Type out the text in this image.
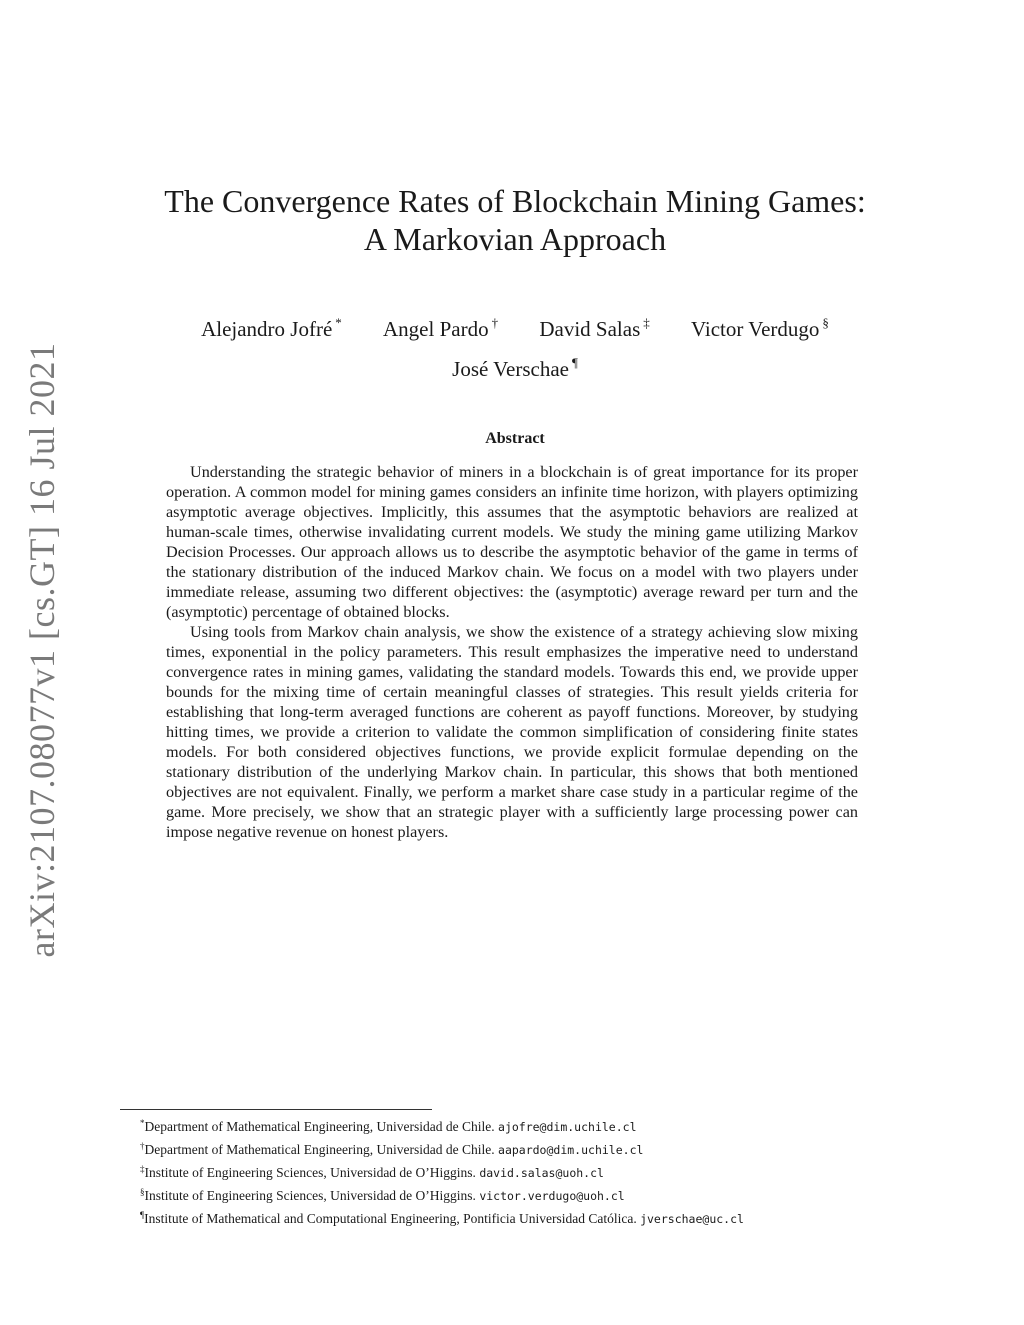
arXiv:2107.08077v1 [cs.GT] 16 Jul 2021
The Convergence Rates of Blockchain Mining Games:
A Markovian Approach
Alejandro Jofré * Angel Pardo † David Salas ‡ Victor Verdugo §
José Verschae ¶
Abstract

Understanding the strategic behavior of miners in a blockchain is of great importance for its proper operation. A common model for mining games considers an infinite time horizon, with players optimizing asymptotic average objectives. Implicitly, this assumes that the asymptotic behaviors are realized at human-scale times, otherwise invalidating current models. We study the mining game utilizing Markov Decision Processes. Our approach allows us to describe the asymptotic behavior of the game in terms of the stationary distribution of the induced Markov chain. We focus on a model with two players under immediate release, assuming two different objectives: the (asymptotic) average reward per turn and the (asymptotic) percentage of obtained blocks.

Using tools from Markov chain analysis, we show the existence of a strategy achieving slow mixing times, exponential in the policy parameters. This result emphasizes the imperative need to understand convergence rates in mining games, validating the standard models. Towards this end, we provide upper bounds for the mixing time of certain meaningful classes of strategies. This result yields criteria for establishing that long-term averaged functions are coherent as payoff functions. Moreover, by studying hitting times, we provide a criterion to validate the common simplification of considering finite states models. For both considered objectives functions, we provide explicit formulae depending on the stationary distribution of the underlying Markov chain. In particular, this shows that both mentioned objectives are not equivalent. Finally, we perform a market share case study in a particular regime of the game. More precisely, we show that an strategic player with a sufficiently large processing power can impose negative revenue on honest players.

*Department of Mathematical Engineering, Universidad de Chile. ajofre@dim.uchile.cl
†Department of Mathematical Engineering, Universidad de Chile. aapardo@dim.uchile.cl
‡Institute of Engineering Sciences, Universidad de O’Higgins. david.salas@uoh.cl
§Institute of Engineering Sciences, Universidad de O’Higgins. victor.verdugo@uoh.cl
¶Institute of Mathematical and Computational Engineering, Pontificia Universidad Católica. jverschae@uc.cl
